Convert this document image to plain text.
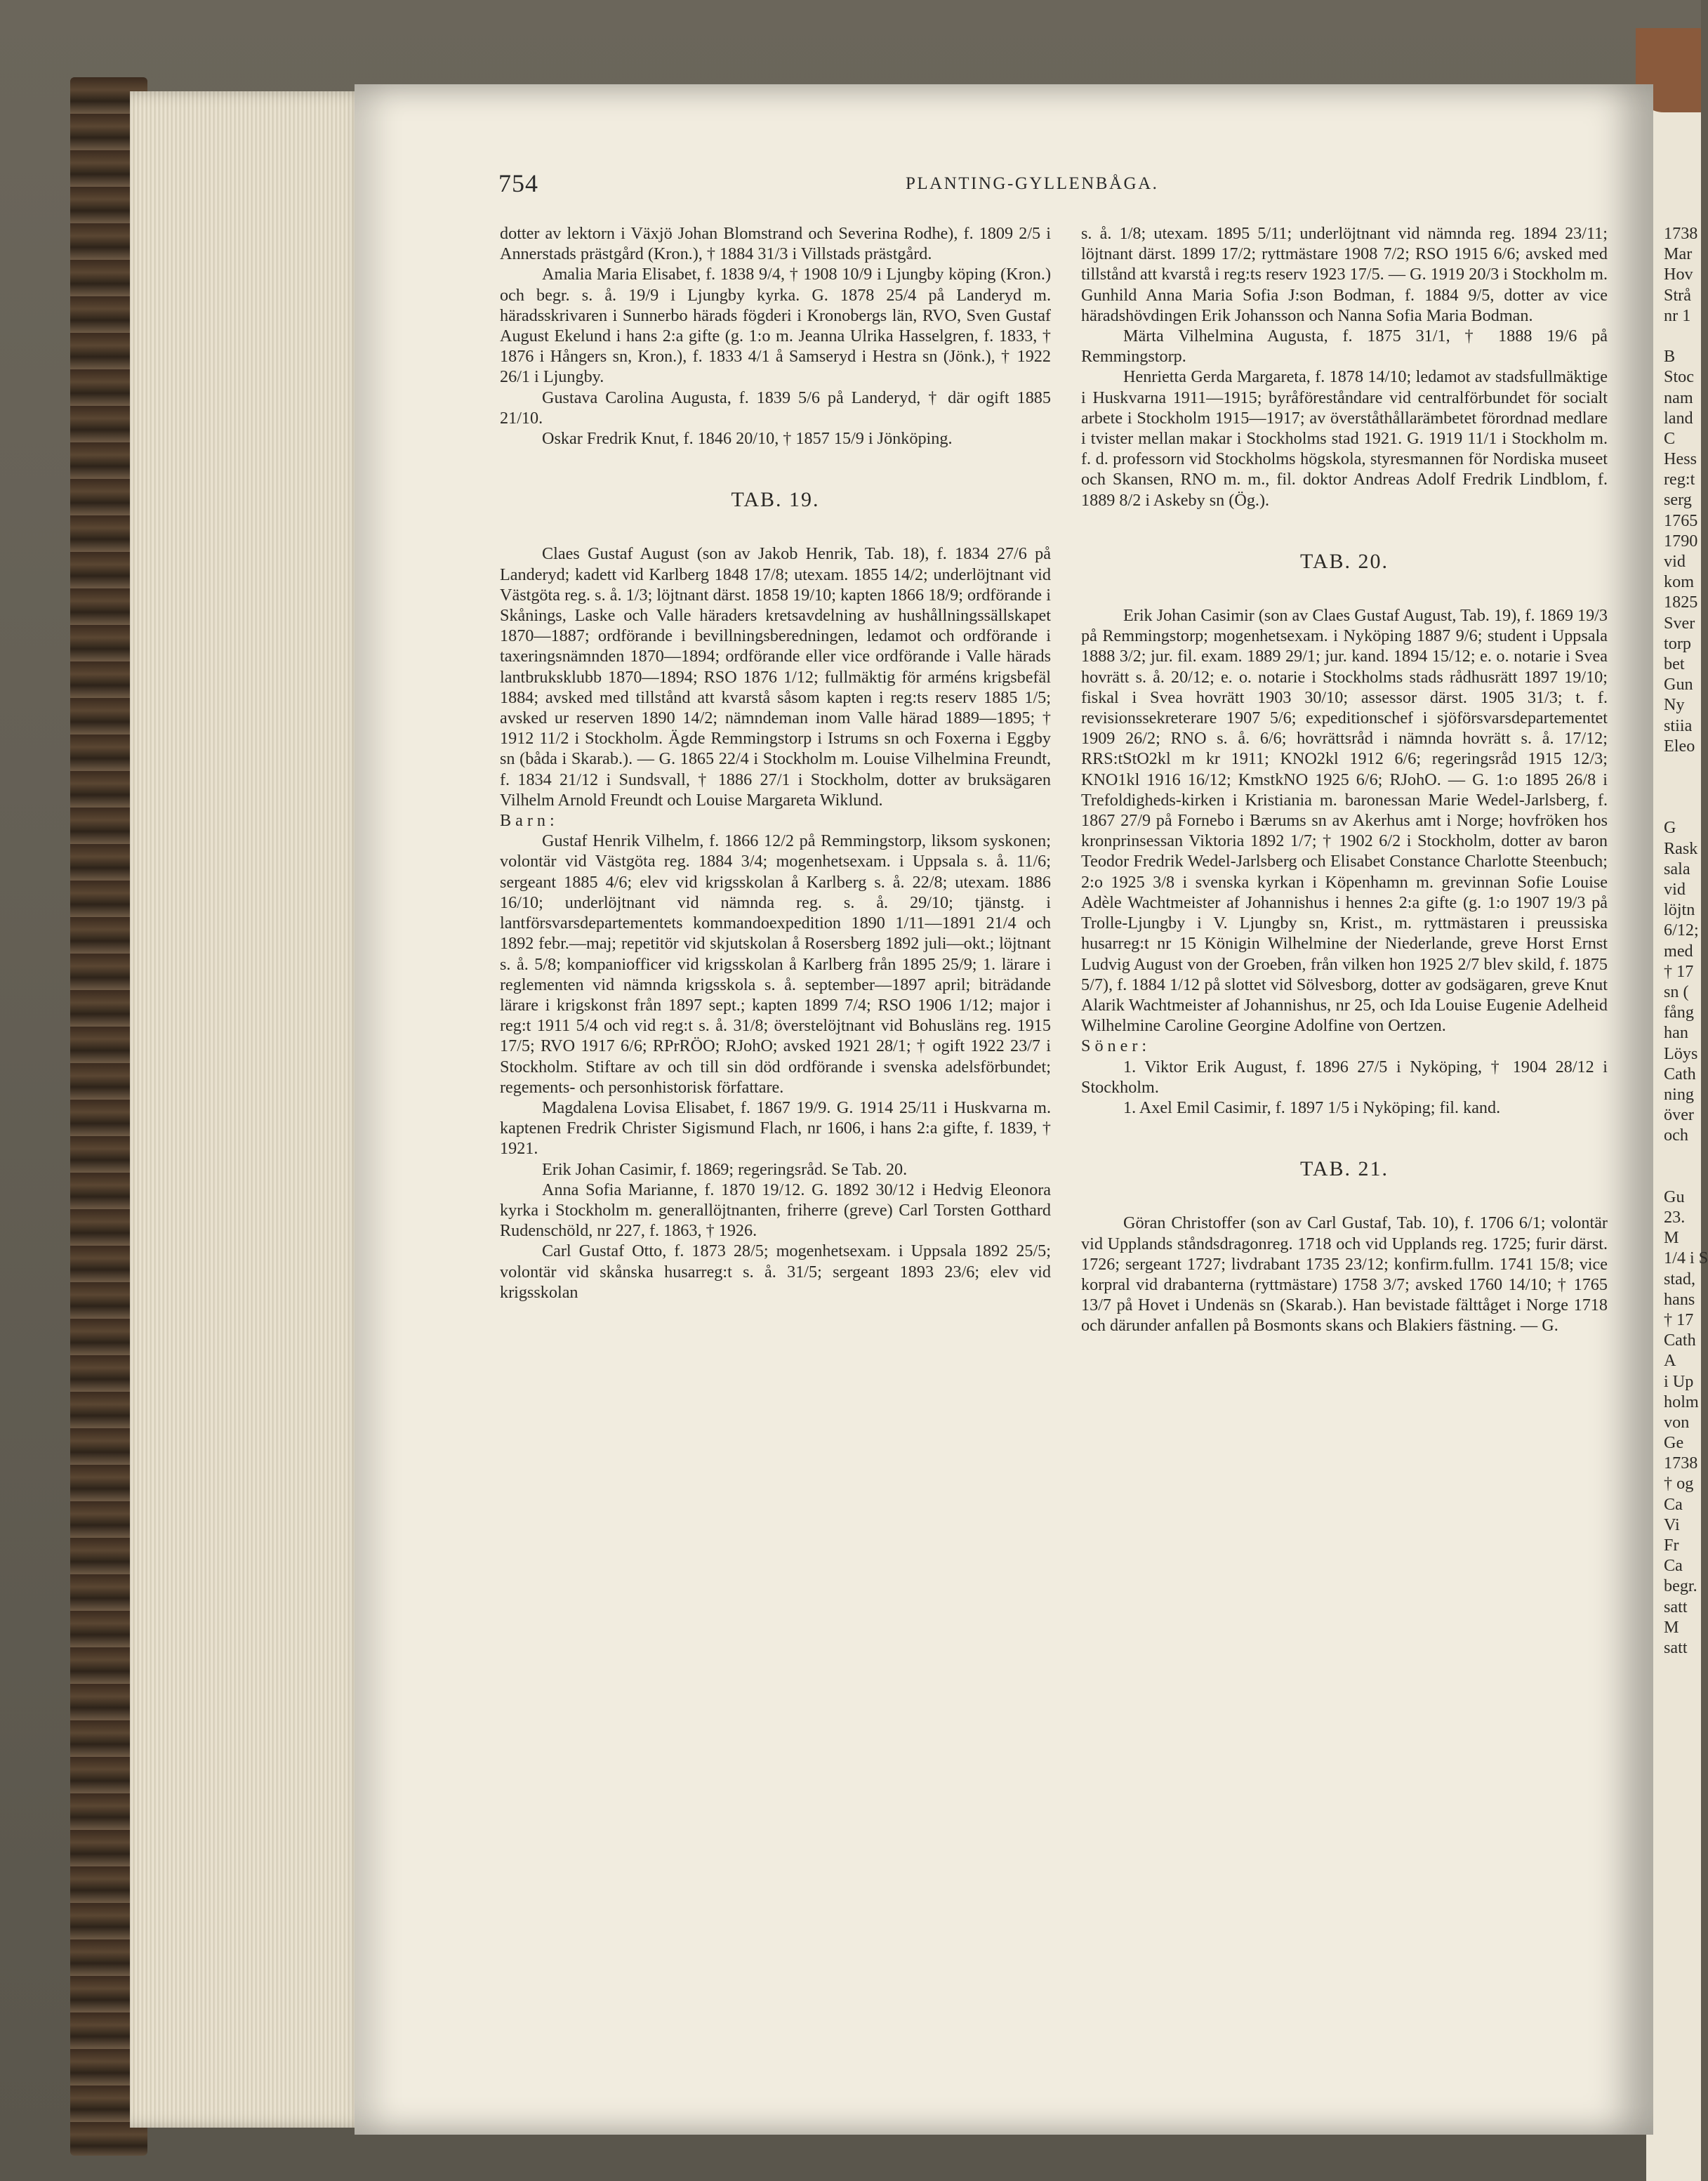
754	PLANTING-GYLLENBÅGA.

dotter av lektorn i Växjö Johan Blomstrand och Severina Rodhe), f. 1809 2/5 i Annerstads prästgård (Kron.), † 1884 31/3 i Villstads prästgård.

Amalia Maria Elisabet, f. 1838 9/4, † 1908 10/9 i Ljungby köping (Kron.) och begr. s. å. 19/9 i Ljungby kyrka. G. 1878 25/4 på Landeryd m. häradsskrivaren i Sunnerbo härads fögderi i Kronobergs län, RVO, Sven Gustaf August Ekelund i hans 2:a gifte (g. 1:o m. Jeanna Ulrika Hasselgren, f. 1833, † 1876 i Hångers sn, Kron.), f. 1833 4/1 å Samseryd i Hestra sn (Jönk.), † 1922 26/1 i Ljungby.

Gustava Carolina Augusta, f. 1839 5/6 på Landeryd, † där ogift 1885 21/10.

Oskar Fredrik Knut, f. 1846 20/10, † 1857 15/9 i Jönköping.

TAB. 19.

Claes Gustaf August (son av Jakob Henrik, Tab. 18), f. 1834 27/6 på Landeryd; kadett vid Karlberg 1848 17/8; utexam. 1855 14/2; underlöjtnant vid Västgöta reg. s. å. 1/3; löjtnant därst. 1858 19/10; kapten 1866 18/9; ordförande i Skånings, Laske och Valle häraders kretsavdelning av hushållningssällskapet 1870—1887; ordförande i bevillningsberedningen, ledamot och ordförande i taxeringsnämnden 1870—1894; ordförande eller vice ordförande i Valle härads lantbruksklubb 1870—1894; RSO 1876 1/12; fullmäktig för arméns krigsbefäl 1884; avsked med tillstånd att kvarstå såsom kapten i reg:ts reserv 1885 1/5; avsked ur reserven 1890 14/2; nämndeman inom Valle härad 1889—1895; † 1912 11/2 i Stockholm. Ägde Remmingstorp i Istrums sn och Foxerna i Eggby sn (båda i Skarab.). — G. 1865 22/4 i Stockholm m. Louise Vilhelmina Freundt, f. 1834 21/12 i Sundsvall, † 1886 27/1 i Stockholm, dotter av bruksägaren Vilhelm Arnold Freundt och Louise Margareta Wiklund.

Barn:

Gustaf Henrik Vilhelm, f. 1866 12/2 på Remmingstorp, liksom syskonen; volontär vid Västgöta reg. 1884 3/4; mogenhetsexam. i Uppsala s. å. 11/6; sergeant 1885 4/6; elev vid krigsskolan å Karlberg s. å. 22/8; utexam. 1886 16/10; underlöjtnant vid nämnda reg. s. å. 29/10; tjänstg. i lantförsvarsdepartementets kommandoexpedition 1890 1/11—1891 21/4 och 1892 febr.—maj; repetitör vid skjutskolan å Rosersberg 1892 juli—okt.; löjtnant s. å. 5/8; kompaniofficer vid krigsskolan å Karlberg från 1895 25/9; 1. lärare i reglementen vid nämnda krigsskola s. å. september—1897 april; biträdande lärare i krigskonst från 1897 sept.; kapten 1899 7/4; RSO 1906 1/12; major i reg:t 1911 5/4 och vid reg:t s. å. 31/8; överstelöjtnant vid Bohusläns reg. 1915 17/5; RVO 1917 6/6; RPrRÖO; RJohO; avsked 1921 28/1; † ogift 1922 23/7 i Stockholm. Stiftare av och till sin död ordförande i svenska adelsförbundet; regements- och personhistorisk författare.

Magdalena Lovisa Elisabet, f. 1867 19/9. G. 1914 25/11 i Huskvarna m. kaptenen Fredrik Christer Sigismund Flach, nr 1606, i hans 2:a gifte, f. 1839, † 1921.

Erik Johan Casimir, f. 1869; regeringsråd. Se Tab. 20.

Anna Sofia Marianne, f. 1870 19/12. G. 1892 30/12 i Hedvig Eleonora kyrka i Stockholm m. generallöjtnanten, friherre (greve) Carl Torsten Gotthard Rudenschöld, nr 227, f. 1863, † 1926.

Carl Gustaf Otto, f. 1873 28/5; mogenhetsexam. i Uppsala 1892 25/5; volontär vid skånska husarreg:t s. å. 31/5; sergeant 1893 23/6; elev vid krigsskolan

s. å. 1/8; utexam. 1895 5/11; underlöjtnant vid nämnda reg. 1894 23/11; löjtnant därst. 1899 17/2; ryttmästare 1908 7/2; RSO 1915 6/6; avsked med tillstånd att kvarstå i reg:ts reserv 1923 17/5. — G. 1919 20/3 i Stockholm m. Gunhild Anna Maria Sofia J:son Bodman, f. 1884 9/5, dotter av vice häradshövdingen Erik Johansson och Nanna Sofia Maria Bodman.

Märta Vilhelmina Augusta, f. 1875 31/1, † 1888 19/6 på Remmingstorp.

Henrietta Gerda Margareta, f. 1878 14/10; ledamot av stadsfullmäktige i Huskvarna 1911—1915; byråföreståndare vid centralförbundet för socialt arbete i Stockholm 1915—1917; av överståthållarämbetet förordnad medlare i tvister mellan makar i Stockholms stad 1921. G. 1919 11/1 i Stockholm m. f. d. professorn vid Stockholms högskola, styresmannen för Nordiska museet och Skansen, RNO m. m., fil. doktor Andreas Adolf Fredrik Lindblom, f. 1889 8/2 i Askeby sn (Ög.).

TAB. 20.

Erik Johan Casimir (son av Claes Gustaf August, Tab. 19), f. 1869 19/3 på Remmingstorp; mogenhetsexam. i Nyköping 1887 9/6; student i Uppsala 1888 3/2; jur. fil. exam. 1889 29/1; jur. kand. 1894 15/12; e. o. notarie i Svea hovrätt s. å. 20/12; e. o. notarie i Stockholms stads rådhusrätt 1897 19/10; fiskal i Svea hovrätt 1903 30/10; assessor därst. 1905 31/3; t. f. revisionssekreterare 1907 5/6; expeditionschef i sjöförsvarsdepartementet 1909 26/2; RNO s. å. 6/6; hovrättsråd i nämnda hovrätt s. å. 17/12; RRS:tStO2kl m kr 1911; KNO2kl 1912 6/6; regeringsråd 1915 12/3; KNO1kl 1916 16/12; KmstkNO 1925 6/6; RJohO. — G. 1:o 1895 26/8 i Trefoldigheds-kirken i Kristiania m. baronessan Marie Wedel-Jarlsberg, f. 1867 27/9 på Fornebo i Bærums sn av Akerhus amt i Norge; hovfröken hos kronprinsessan Viktoria 1892 1/7; † 1902 6/2 i Stockholm, dotter av baron Teodor Fredrik Wedel-Jarlsberg och Elisabet Constance Charlotte Steenbuch; 2:o 1925 3/8 i svenska kyrkan i Köpenhamn m. grevinnan Sofie Louise Adèle Wachtmeister af Johannishus i hennes 2:a gifte (g. 1:o 1907 19/3 på Trolle-Ljungby i V. Ljungby sn, Krist., m. ryttmästaren i preussiska husarreg:t nr 15 Königin Wilhelmine der Niederlande, greve Horst Ernst Ludvig August von der Groeben, från vilken hon 1925 2/7 blev skild, f. 1875 5/7), f. 1884 1/12 på slottet vid Sölvesborg, dotter av godsägaren, greve Knut Alarik Wachtmeister af Johannishus, nr 25, och Ida Louise Eugenie Adelheid Wilhelmine Caroline Georgine Adolfine von Oertzen.

Söner:

1. Viktor Erik August, f. 1896 27/5 i Nyköping, † 1904 28/12 i Stockholm.

1. Axel Emil Casimir, f. 1897 1/5 i Nyköping; fil. kand.

TAB. 21.

Göran Christoffer (son av Carl Gustaf, Tab. 10), f. 1706 6/1; volontär vid Upplands ståndsdragonreg. 1718 och vid Upplands reg. 1725; furir därst. 1726; sergeant 1727; livdrabant 1735 23/12; konfirm.fullm. 1741 15/8; vice korpral vid drabanterna (ryttmästare) 1758 3/7; avsked 1760 14/10; † 1765 13/7 på Hovet i Undenäs sn (Skarab.). Han bevistade fälttåget i Norge 1718 och därunder anfallen på Bosmonts skans och Blakiers fästning. — G.

1738
Mar
Hov
Strå
nr 1
B
Stoc
nam
land
C
Hess
reg:t
serg
1765
1790
vid
kom
1825
Sver
torp
bet
Gun
Ny
stiia
Eleo
G
Rask
sala
vid
löjtn
6/12;
med
† 17
sn (
fång
han
Löys
Cath
ning
över
och
Gu
23.
M
1/4 i S
stad,
hans
† 17
Cath
A
i Up
holm
von
Ge
1738
† og
Ca
Vi
Fr
Ca
begr.
satt
M
satt
